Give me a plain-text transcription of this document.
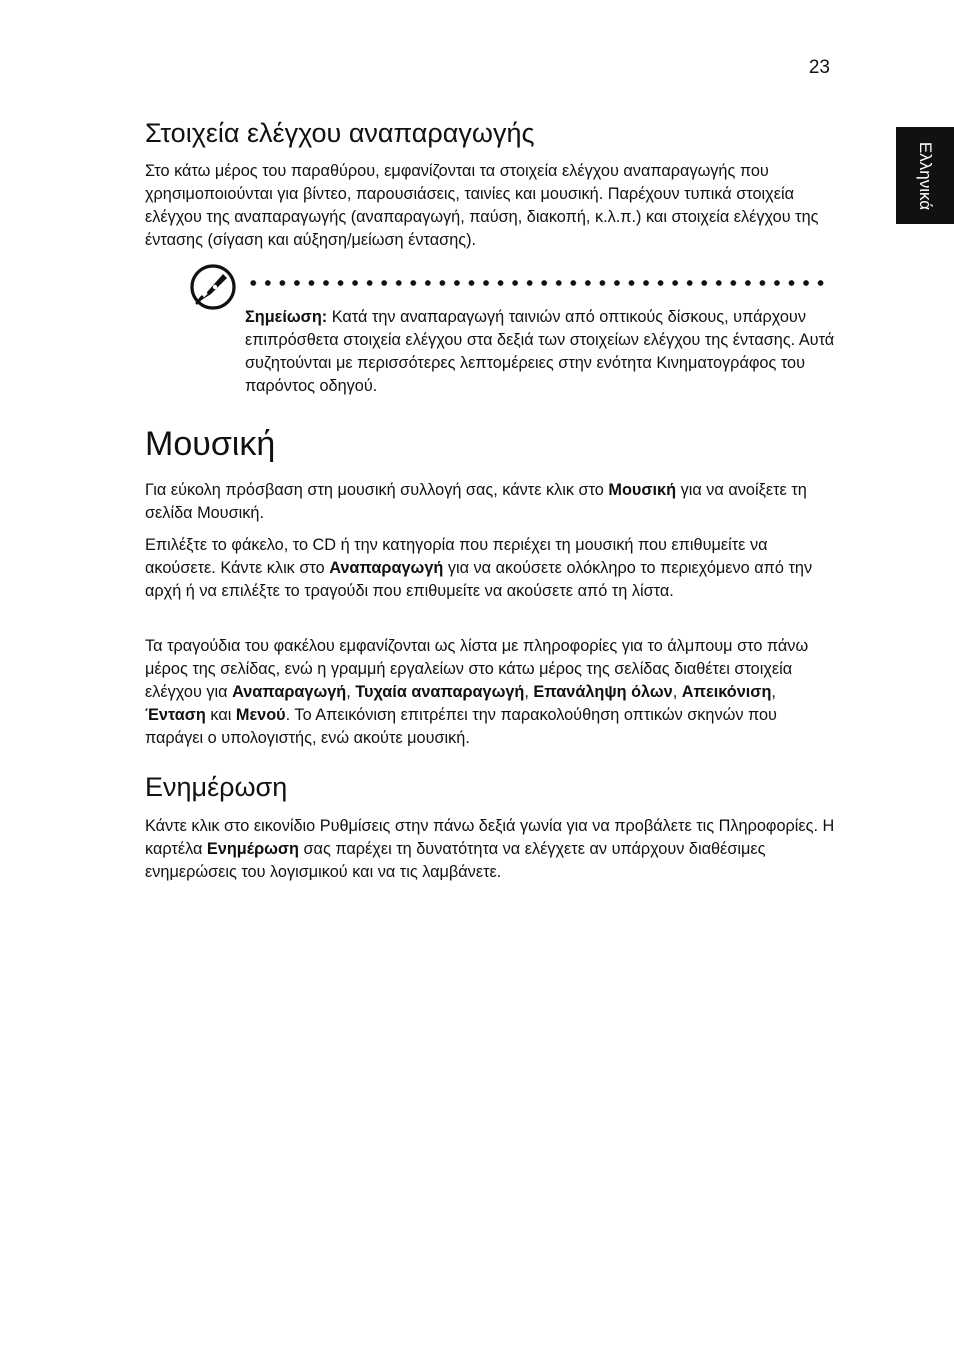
23
Ελληνικά
Στοιχεία ελέγχου αναπαραγωγής

Στο κάτω μέρος του παραθύρου, εμφανίζονται τα στοιχεία ελέγχου αναπαραγωγής που χρησιμοποιούνται για βίντεο, παρουσιάσεις, ταινίες και μουσική. Παρέχουν τυπικά στοιχεία ελέγχου της αναπαραγωγής (αναπαραγωγή, παύση, διακοπή, κ.λ.π.) και στοιχεία ελέγχου της έντασης (σίγαση και αύξηση/μείωση έντασης).

Σημείωση: Κατά την αναπαραγωγή ταινιών από οπτικούς δίσκους, υπάρχουν επιπρόσθετα στοιχεία ελέγχου στα δεξιά των στοιχείων ελέγχου της έντασης. Αυτά συζητούνται με περισσότερες λεπτομέρειες στην ενότητα Κινηματογράφος του παρόντος οδηγού.

Μουσική

Για εύκολη πρόσβαση στη μουσική συλλογή σας, κάντε κλικ στο Μουσική για να ανοίξετε τη σελίδα Μουσική.

Επιλέξτε το φάκελο, το CD ή την κατηγορία που περιέχει τη μουσική που επιθυμείτε να ακούσετε. Κάντε κλικ στο Αναπαραγωγή για να ακούσετε ολόκληρο το περιεχόμενο από την αρχή ή να επιλέξτε το τραγούδι που επιθυμείτε να ακούσετε από τη λίστα.

Τα τραγούδια του φακέλου εμφανίζονται ως λίστα με πληροφορίες για το άλμπουμ στο πάνω μέρος της σελίδας, ενώ η γραμμή εργαλείων στο κάτω μέρος της σελίδας διαθέτει στοιχεία ελέγχου για Αναπαραγωγή, Τυχαία αναπαραγωγή, Επανάληψη όλων, Απεικόνιση, Ένταση και Μενού. Το Απεικόνιση επιτρέπει την παρακολούθηση οπτικών σκηνών που παράγει ο υπολογιστής, ενώ ακούτε μουσική.

Ενημέρωση

Κάντε κλικ στο εικονίδιο Ρυθμίσεις στην πάνω δεξιά γωνία για να προβάλετε τις Πληροφορίες. Η καρτέλα Ενημέρωση σας παρέχει τη δυνατότητα να ελέγχετε αν υπάρχουν διαθέσιμες ενημερώσεις του λογισμικού και να τις λαμβάνετε.
